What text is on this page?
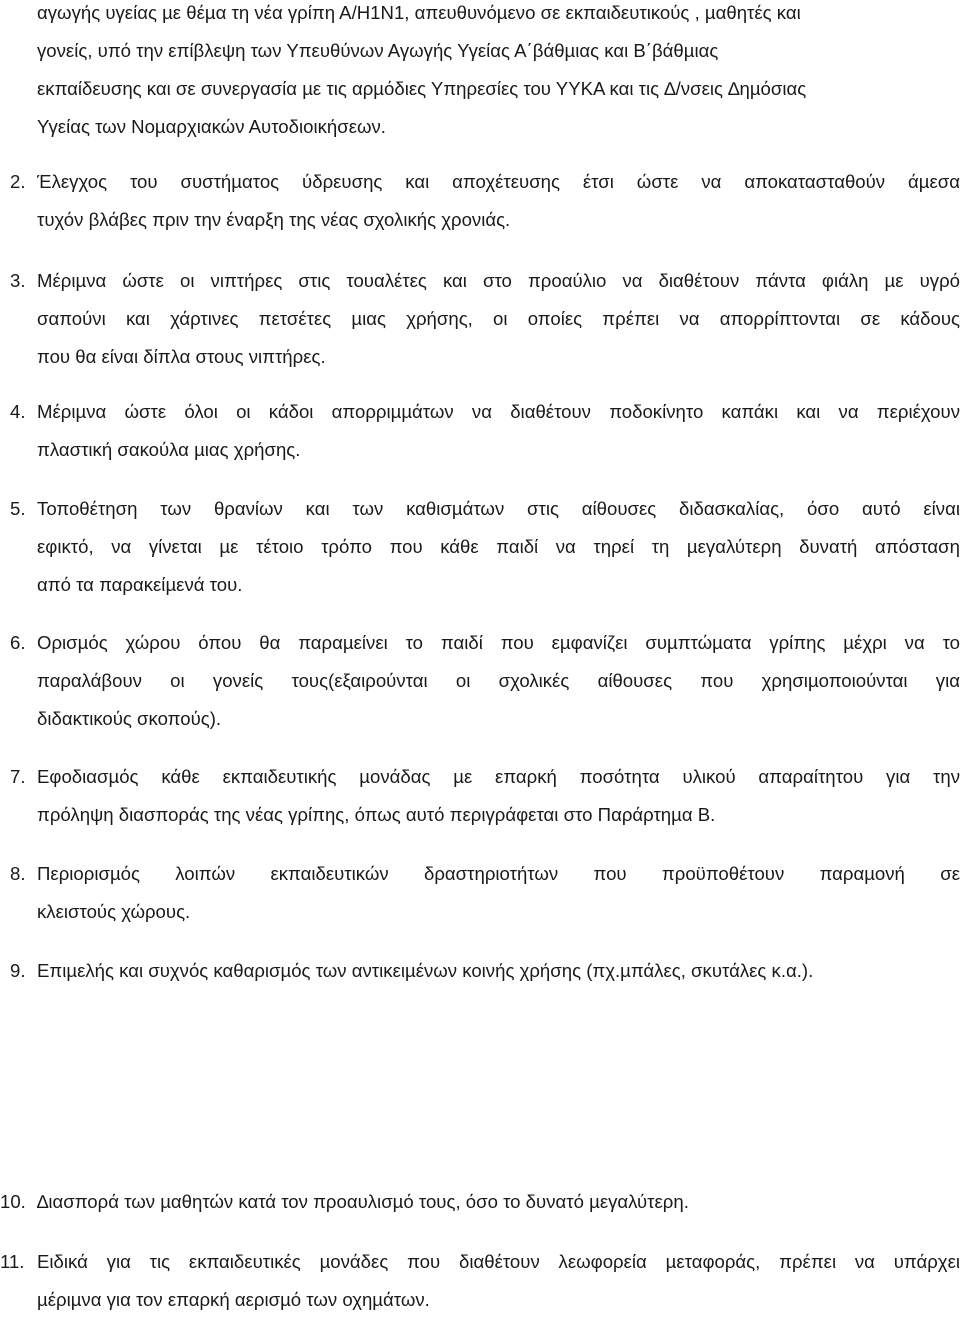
αγωγής υγείας µε θέµα τη νέα γρίπη Α/Η1Ν1, απευθυνόµενο σε εκπαιδευτικούς , µαθητές και
γονείς, υπό την επίβλεψη των Υπευθύνων Αγωγής Υγείας Α΄βάθµιας και Β΄βάθµιας
εκπαίδευσης και σε συνεργασία µε τις αρµόδιες Υπηρεσίες του ΥΥΚΑ και τις ∆/νσεις ∆ηµόσιας
Υγείας των Νοµαρχιακών Αυτοδιοικήσεων.
2. Έλεγχος του συστήµατος ύδρευσης και αποχέτευσης έτσι ώστε να αποκατασταθούν άµεσα
τυχόν βλάβες πριν την έναρξη της νέας σχολικής χρονιάς.
3. Μέριµνα ώστε οι νιπτήρες στις τουαλέτες και στο προαύλιο να διαθέτουν πάντα φιάλη µε υγρό
σαπούνι και χάρτινες πετσέτες µιας χρήσης, οι οποίες πρέπει να απορρίπτονται σε κάδους
που θα είναι δίπλα στους νιπτήρες.
4. Μέριµνα ώστε όλοι οι κάδοι απορριµµάτων να διαθέτουν ποδοκίνητο καπάκι και να περιέχουν
πλαστική σακούλα µιας χρήσης.
5. Τοποθέτηση των θρανίων και των καθισµάτων στις αίθουσες διδασκαλίας, όσο αυτό είναι
εφικτό, να γίνεται µε τέτοιο τρόπο που κάθε παιδί να τηρεί τη µεγαλύτερη δυνατή απόσταση
από τα παρακείµενά του.
6. Ορισµός χώρου όπου θα παραµείνει το παιδί που εµφανίζει συµπτώµατα γρίπης µέχρι να το
παραλάβουν οι γονείς τους(εξαιρούνται οι σχολικές αίθουσες που χρησιµοποιούνται για
διδακτικούς σκοπούς).
7. Εφοδιασµός κάθε εκπαιδευτικής µονάδας µε επαρκή ποσότητα υλικού απαραίτητου για την
πρόληψη διασποράς της νέας γρίπης, όπως αυτό περιγράφεται στο Παράρτηµα Β.
8. Περιορισµός λοιπών εκπαιδευτικών δραστηριοτήτων που προϋποθέτουν παραµονή σε
κλειστούς χώρους.
9. Επιµελής και συχνός καθαρισµός των αντικειµένων κοινής χρήσης (πχ.µπάλες, σκυτάλες κ.α.).
10. ∆ιασπορά των µαθητών κατά τον προαυλισµό τους, όσο το δυνατό µεγαλύτερη.
11. Ειδικά για τις εκπαιδευτικές µονάδες που διαθέτουν λεωφορεία µεταφοράς, πρέπει να υπάρχει
µέριµνα για τον επαρκή αερισµό των οχηµάτων.
